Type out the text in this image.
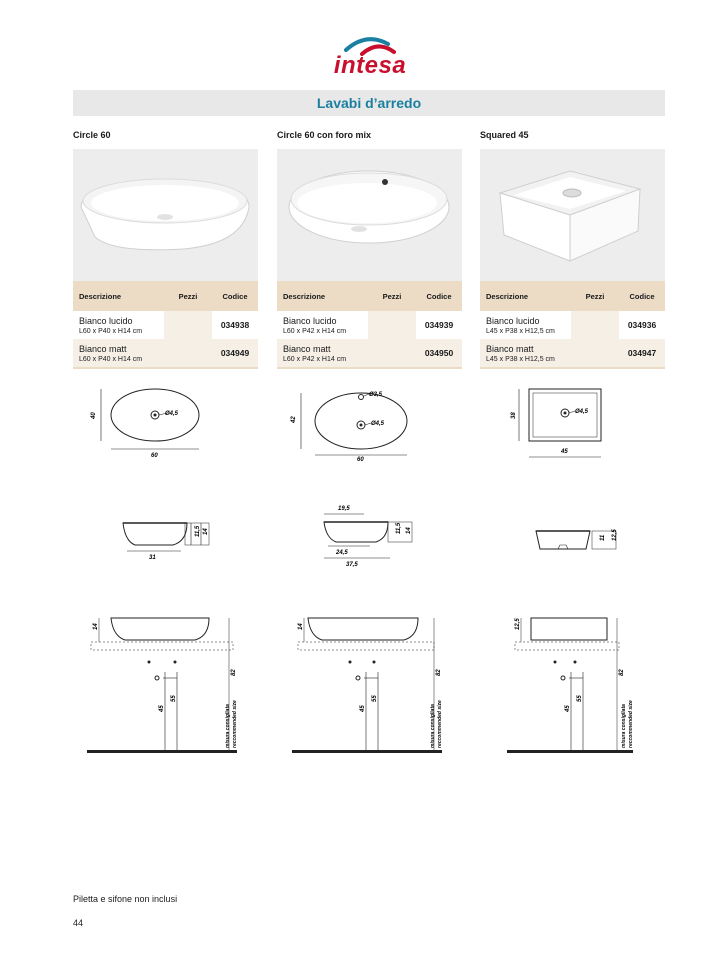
intesa
Lavabi d’arredo
Circle 60
Descrizione	Pezzi	Codice

Bianco lucido
L60 x P40 x H14 cm		034938

Bianco matt
L60 x P40 x H14 cm		034949
Circle 60 con foro mix
Descrizione	Pezzi	Codice

Bianco lucido
L60 x P42 x H14 cm		034939

Bianco matt
L60 x P42 x H14 cm		034950
Squared 45
Descrizione	Pezzi	Codice

Bianco lucido
L45 x P38 x H12,5 cm		034936

Bianco matt
L45 x P38 x H12,5 cm		034947
Ø4,5
40
60
Ø3,5
Ø4,5
42
60
Ø4,5
38
45
31
11,5 14
19,5
24,5
37,5
11,5 14
11 12,5
14
82
45
55
misura consigliata reccommended size
14
82
45
55
misura consigliata reccommended size
12,5
82
45
55
misura consigliata reccommended size
Piletta e sifone non inclusi
44
